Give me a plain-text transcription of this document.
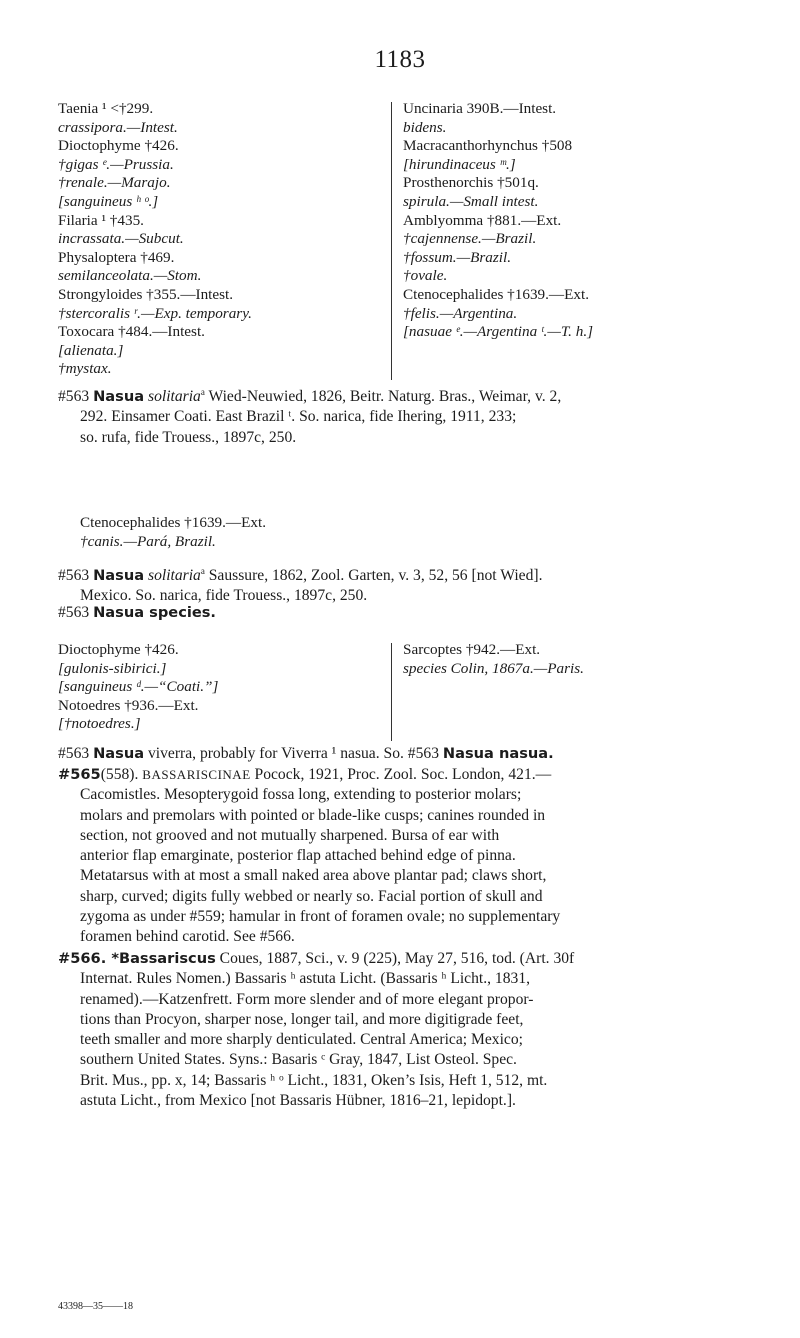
1183
Taenia ¹ <†299.
crassipora.—Intest.
Dioctophyme †426.
†gigas ᵉ.—Prussia.
†renale.—Marajo.
[sanguineus ʰ ᵒ.]
Filaria ¹ †435.
incrassata.—Subcut.
Physaloptera †469.
semilanceolata.—Stom.
Strongyloides †355.—Intest.
†stercoralis ʳ.—Exp. temporary.
Toxocara †484.—Intest.
[alienata.]
†mystax.
Uncinaria 390B.—Intest.
bidens.
Macracanthorhynchus †508
[hirundinaceus ᵐ.]
Prosthenorchis †501q.
spirula.—Small intest.
Amblyomma †881.—Ext.
†cajennense.—Brazil.
†fossum.—Brazil.
†ovale.
Ctenocephalides †1639.—Ext.
†felis.—Argentina.
[nasuae ᵉ.—Argentina ᵗ.—T. h.]
#563 Nasua solitaria$^a$ Wied-Neuwied, 1826, Beitr. Naturg. Bras., Weimar, v. 2,
292. Einsamer Coati. East Brazil ᵗ. So. narica, fide Ihering, 1911, 233;
so. rufa, fide Trouess., 1897c, 250.
Ctenocephalides †1639.—Ext.
†canis.—Pará, Brazil.
#563 Nasua solitaria$^a$ Saussure, 1862, Zool. Garten, v. 3, 52, 56 [not Wied].
Mexico. So. narica, fide Trouess., 1897c, 250.
#563 Nasua species.
Dioctophyme †426.
[gulonis-sibirici.]
[sanguineus ᵈ.—“Coati.”]
Notoedres †936.—Ext.
[†notoedres.]
Sarcoptes †942.—Ext.
species Colin, 1867a.—Paris.
#563 Nasua viverra, probably for Viverra ¹ nasua. So. #563 Nasua nasua.
#565(558). BASSARISCINAE Pocock, 1921, Proc. Zool. Soc. London, 421.—
Cacomistles. Mesopterygoid fossa long, extending to posterior molars;
molars and premolars with pointed or blade-like cusps; canines rounded in
section, not grooved and not mutually sharpened. Bursa of ear with
anterior flap emarginate, posterior flap attached behind edge of pinna.
Metatarsus with at most a small naked area above plantar pad; claws short,
sharp, curved; digits fully webbed or nearly so. Facial portion of skull and
zygoma as under #559; hamular in front of foramen ovale; no supplementary
foramen behind carotid. See #566.
#566. *Bassariscus Coues, 1887, Sci., v. 9 (225), May 27, 516, tod. (Art. 30f
Internat. Rules Nomen.) Bassaris ʰ astuta Licht. (Bassaris ʰ Licht., 1831,
renamed).—Katzenfrett. Form more slender and of more elegant propor-
tions than Procyon, sharper nose, longer tail, and more digitigrade feet,
teeth smaller and more sharply denticulated. Central America; Mexico;
southern United States. Syns.: Basaris ᶜ Gray, 1847, List Osteol. Spec.
Brit. Mus., pp. x, 14; Bassaris ʰ ᵒ Licht., 1831, Oken’s Isis, Heft 1, 512, mt.
astuta Licht., from Mexico [not Bassaris Hübner, 1816–21, lepidopt.].
43398—35——18
